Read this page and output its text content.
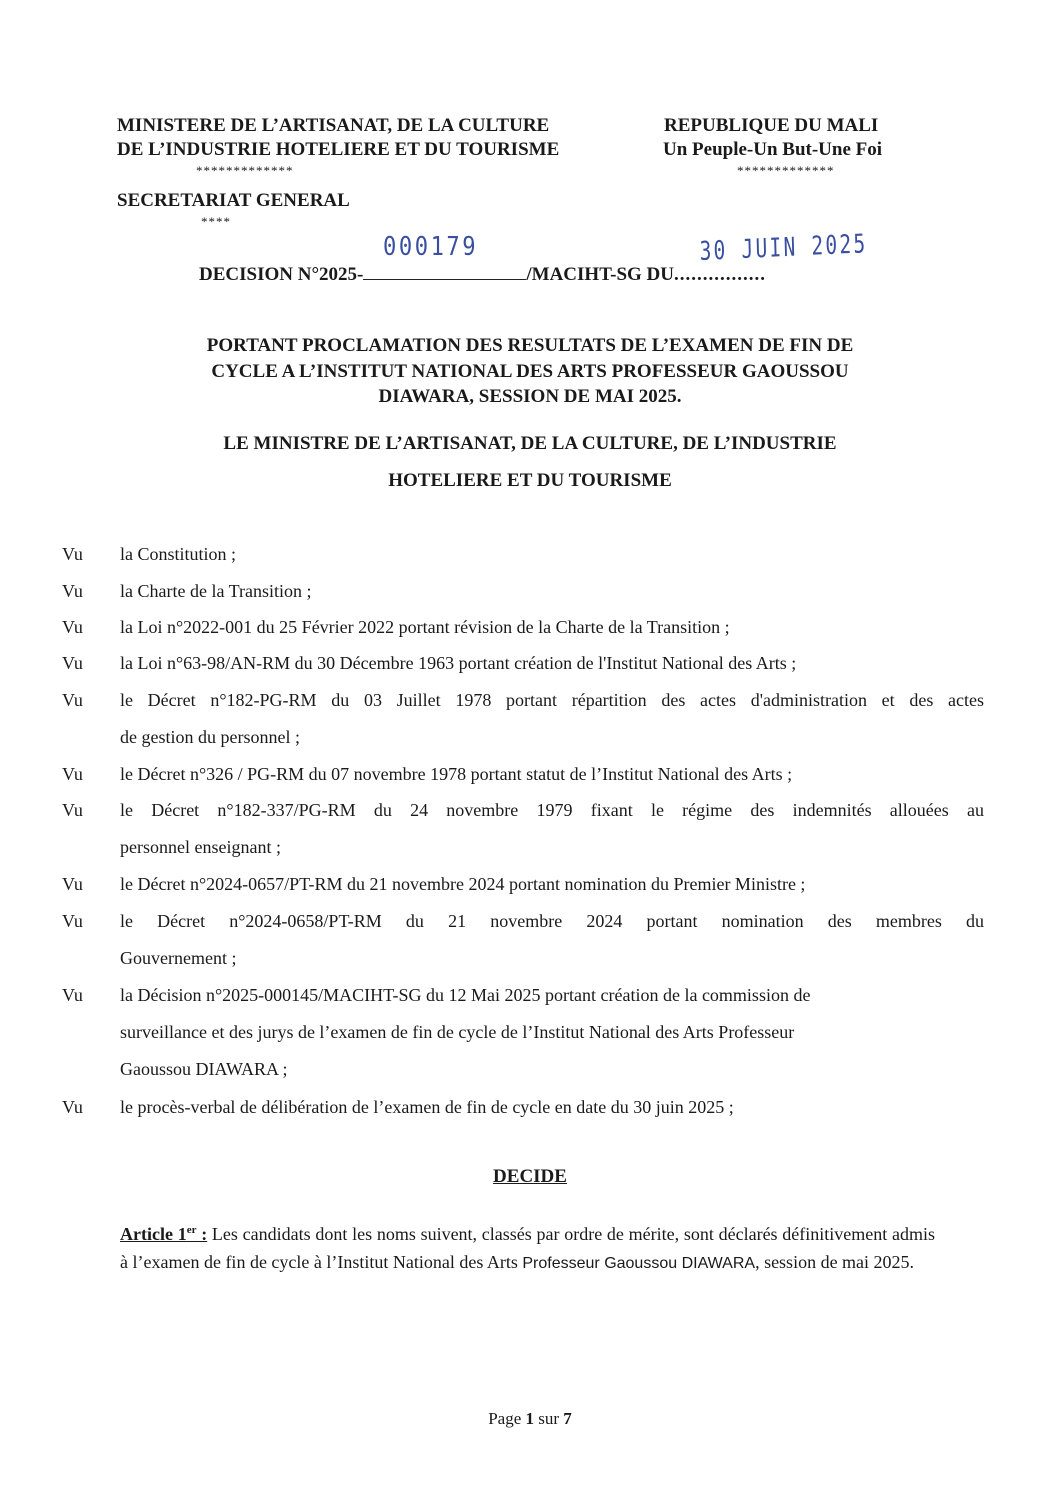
MINISTERE DE L’ARTISANAT, DE LA CULTURE
DE L’INDUSTRIE HOTELIERE ET DU TOURISME
*************
REPUBLIQUE DU MALI
Un Peuple-Un But-Une Foi
*************
SECRETARIAT GENERAL
****
DECISION N°2025-	/MACIHT-SG DU................
000179	30 JUIN 2025
PORTANT PROCLAMATION DES RESULTATS DE L’EXAMEN DE FIN DE
CYCLE A L’INSTITUT NATIONAL DES ARTS PROFESSEUR GAOUSSOU
DIAWARA, SESSION DE MAI 2025.
LE MINISTRE DE L’ARTISANAT, DE LA CULTURE, DE L’INDUSTRIE
HOTELIERE ET DU TOURISME
Vu	la Constitution ;
Vu	la Charte de la Transition ;
Vu	la Loi n°2022-001 du 25 Février 2022 portant révision de la Charte de la Transition ;
Vu	la Loi n°63-98/AN-RM du 30 Décembre 1963 portant création de l'Institut National des Arts ;
Vu	le Décret n°182-PG-RM du 03 Juillet 1978 portant répartition des actes d'administration et des actes
de gestion du personnel ;
Vu	le Décret n°326 / PG-RM du 07 novembre 1978 portant statut de l’Institut National des Arts ;
Vu	le Décret n°182-337/PG-RM du 24 novembre 1979 fixant le régime des indemnités allouées au
personnel enseignant ;
Vu	le Décret n°2024-0657/PT-RM du 21 novembre 2024 portant nomination du Premier Ministre ;
Vu	le Décret n°2024-0658/PT-RM du 21 novembre 2024 portant nomination des membres du
Gouvernement ;
Vu	la Décision n°2025-000145/MACIHT-SG du 12 Mai 2025 portant création de la commission de
surveillance et des jurys de l’examen de fin de cycle de l’Institut National des Arts Professeur
Gaoussou DIAWARA ;
Vu	le procès-verbal de délibération de l’examen de fin de cycle en date du 30 juin 2025 ;
DECIDE
Article 1er : Les candidats dont les noms suivent, classés par ordre de mérite, sont déclarés définitivement admis à l’examen de fin de cycle à l’Institut National des Arts Professeur Gaoussou DIAWARA, session de mai 2025.
Page 1 sur 7
